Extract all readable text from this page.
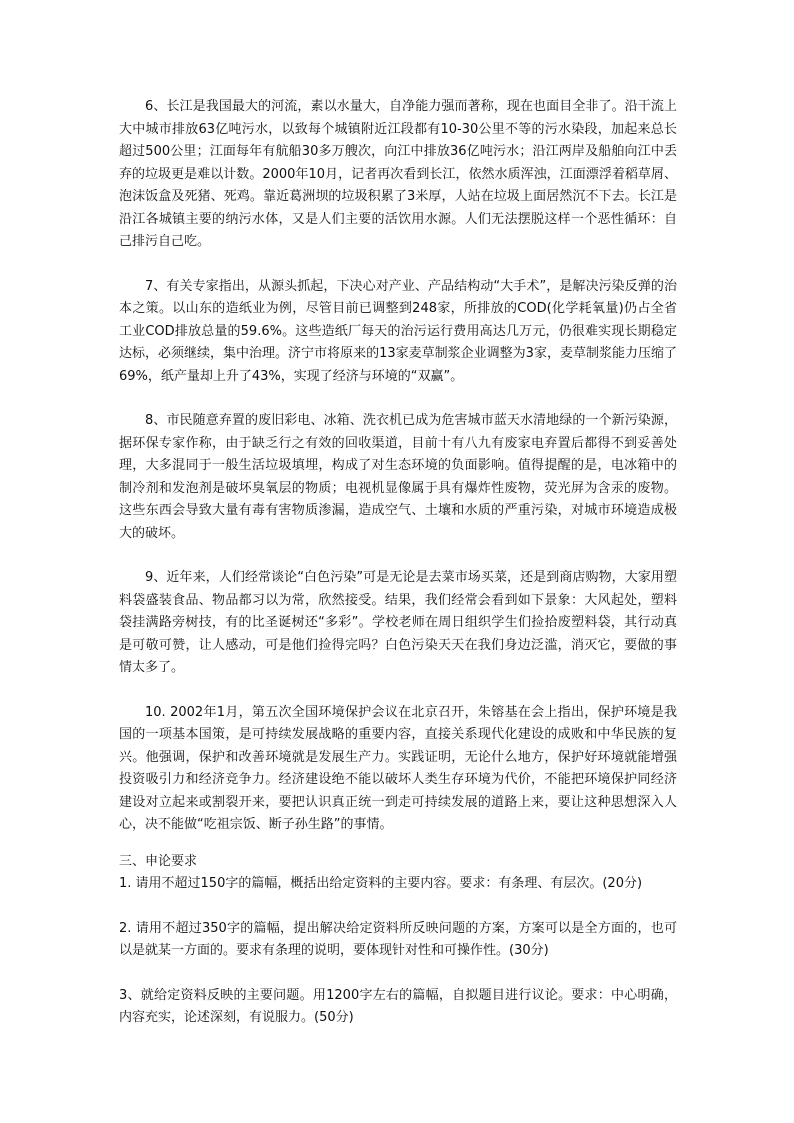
6、长江是我国最大的河流，素以水量大，自净能力强而著称，现在也面目全非了。沿干流上大中城市排放63亿吨污水，以致每个城镇附近江段都有10-30公里不等的污水染段，加起来总长超过500公里；江面每年有航船30多万艘次，向江中排放36亿吨污水；沿江两岸及船舶向江中丢弃的垃圾更是难以计数。2000年10月，记者再次看到长江，依然水质浑浊，江面漂浮着稻草屑、泡沫饭盒及死猪、死鸡。靠近葛洲坝的垃圾积累了3米厚，人站在垃圾上面居然沉不下去。长江是沿江各城镇主要的纳污水体，又是人们主要的活饮用水源。人们无法摆脱这样一个恶性循环：自己排污自己吃。

7、有关专家指出，从源头抓起，下决心对产业、产品结构动“大手术”，是解决污染反弹的治本之策。以山东的造纸业为例，尽管目前已调整到248家，所排放的COD(化学耗氧量)仍占全省工业COD排放总量的59.6%。这些造纸厂每天的治污运行费用高达几万元，仍很难实现长期稳定达标，必须继续，集中治理。济宁市将原来的13家麦草制浆企业调整为3家，麦草制浆能力压缩了69%，纸产量却上升了43%，实现了经济与环境的“双赢”。

8、市民随意弃置的废旧彩电、冰箱、洗衣机已成为危害城市蓝天水清地绿的一个新污染源，据环保专家作称，由于缺乏行之有效的回收渠道，目前十有八九有废家电弃置后都得不到妥善处理，大多混同于一般生活垃圾填埋，构成了对生态环境的负面影响。值得提醒的是，电冰箱中的制冷剂和发泡剂是破坏臭氧层的物质；电视机显像属于具有爆炸性废物，荧光屏为含汞的废物。这些东西会导致大量有毒有害物质渗漏，造成空气、土壤和水质的严重污染，对城市环境造成极大的破坏。

9、近年来，人们经常谈论“白色污染”可是无论是去菜市场买菜，还是到商店购物，大家用塑料袋盛装食品、物品都习以为常，欣然接受。结果，我们经常会看到如下景象：大风起处，塑料袋挂满路旁树技，有的比圣诞树还“多彩”。学校老师在周日组织学生们捡拾废塑料袋，其行动真是可敬可赞，让人感动，可是他们捡得完吗？白色污染天天在我们身边泛滥，消灭它，要做的事情太多了。

10. 2002年1月，第五次全国环境保护会议在北京召开，朱镕基在会上指出，保护环境是我国的一项基本国策，是可持续发展战略的重要内容，直接关系现代化建设的成败和中华民族的复兴。他强调，保护和改善环境就是发展生产力。实践证明，无论什么地方，保护好环境就能增强投资吸引力和经济竞争力。经济建设绝不能以破坏人类生存环境为代价，不能把环境保护同经济建设对立起来或割裂开来，要把认识真正统一到走可持续发展的道路上来，要让这种思想深入人心，决不能做“吃祖宗饭、断子孙生路”的事情。

三、申论要求

1. 请用不超过150字的篇幅，概括出给定资料的主要内容。要求：有条理、有层次。(20分)

2. 请用不超过350字的篇幅，提出解决给定资料所反映问题的方案，方案可以是全方面的，也可以是就某一方面的。要求有条理的说明，要体现针对性和可操作性。(30分)

3、就给定资料反映的主要问题。用1200字左右的篇幅，自拟题目进行议论。要求：中心明确，内容充实，论述深刻，有说服力。(50分)
